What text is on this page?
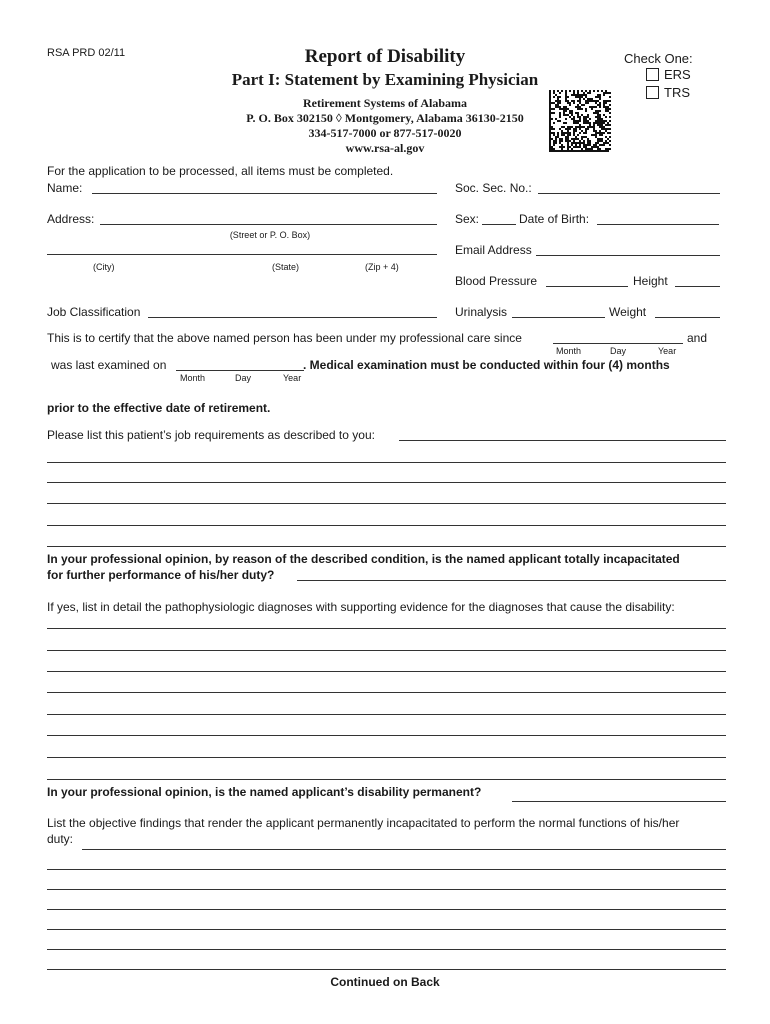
RSA PRD 02/11	Report of Disability
Part I: Statement by Examining Physician
Retirement Systems of Alabama
P. O. Box 302150 ◊ Montgomery, Alabama 36130-2150
334-517-7000 or 877-517-0020
www.rsa-al.gov
Check One:
ERS
TRS
For the application to be processed, all items must be completed.
Name:	Soc. Sec. No.:
Address:
(Street or P. O. Box)
Sex:	Date of Birth:
(City)	(State)	(Zip + 4)
Email Address
Blood Pressure	Height
Job Classification	Urinalysis	Weight
This is to certify that the above named person has been under my professional care since	and
Month	Day	Year
was last examined on	. Medical examination must be conducted within four (4) months
Month	Day	Year
prior to the effective date of retirement.
Please list this patient’s job requirements as described to you:
In your professional opinion, by reason of the described condition, is the named applicant totally incapacitated
for further performance of his/her duty?
If yes, list in detail the pathophysiologic diagnoses with supporting evidence for the diagnoses that cause the disability:
In your professional opinion, is the named applicant’s disability permanent?
List the objective findings that render the applicant permanently incapacitated to perform the normal functions of his/her
duty:
Continued on Back
